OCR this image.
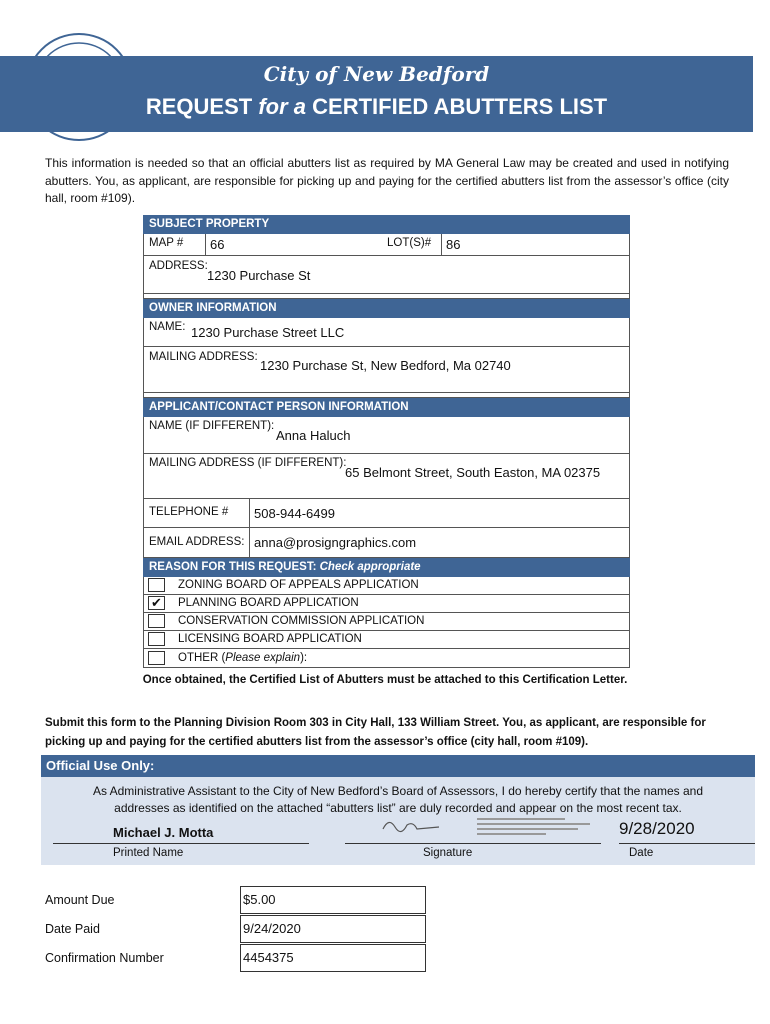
City of New Bedford
REQUEST for a CERTIFIED ABUTTERS LIST
This information is needed so that an official abutters list as required by MA General Law may be created and used in notifying abutters. You, as applicant, are responsible for picking up and paying for the certified abutters list from the assessor’s office (city hall, room #109).
SUBJECT PROPERTY
MAP # 66	LOT(S)# 86
ADDRESS:
1230 Purchase St
OWNER INFORMATION
NAME: 1230 Purchase Street LLC
MAILING ADDRESS:
1230 Purchase St, New Bedford, Ma 02740
APPLICANT/CONTACT PERSON INFORMATION
NAME (IF DIFFERENT):
Anna Haluch
MAILING ADDRESS (IF DIFFERENT):
65 Belmont Street, South Easton, MA 02375
TELEPHONE # 508-944-6499
EMAIL ADDRESS: anna@prosigngraphics.com
REASON FOR THIS REQUEST: Check appropriate
ZONING BOARD OF APPEALS APPLICATION
✔ PLANNING BOARD APPLICATION
CONSERVATION COMMISSION APPLICATION
LICENSING BOARD APPLICATION
OTHER (Please explain):
Once obtained, the Certified List of Abutters must be attached to this Certification Letter.
Submit this form to the Planning Division Room 303 in City Hall, 133 William Street. You, as applicant, are responsible for picking up and paying for the certified abutters list from the assessor’s office (city hall, room #109).
Official Use Only:
As Administrative Assistant to the City of New Bedford’s Board of Assessors, I do hereby certify that the names and
addresses as identified on the attached “abutters list” are duly recorded and appear on the most recent tax.
Michael J. Motta
Printed Name	Signature
9/28/2020
Date
Amount Due	$5.00
Date Paid	9/24/2020
Confirmation Number	4454375
